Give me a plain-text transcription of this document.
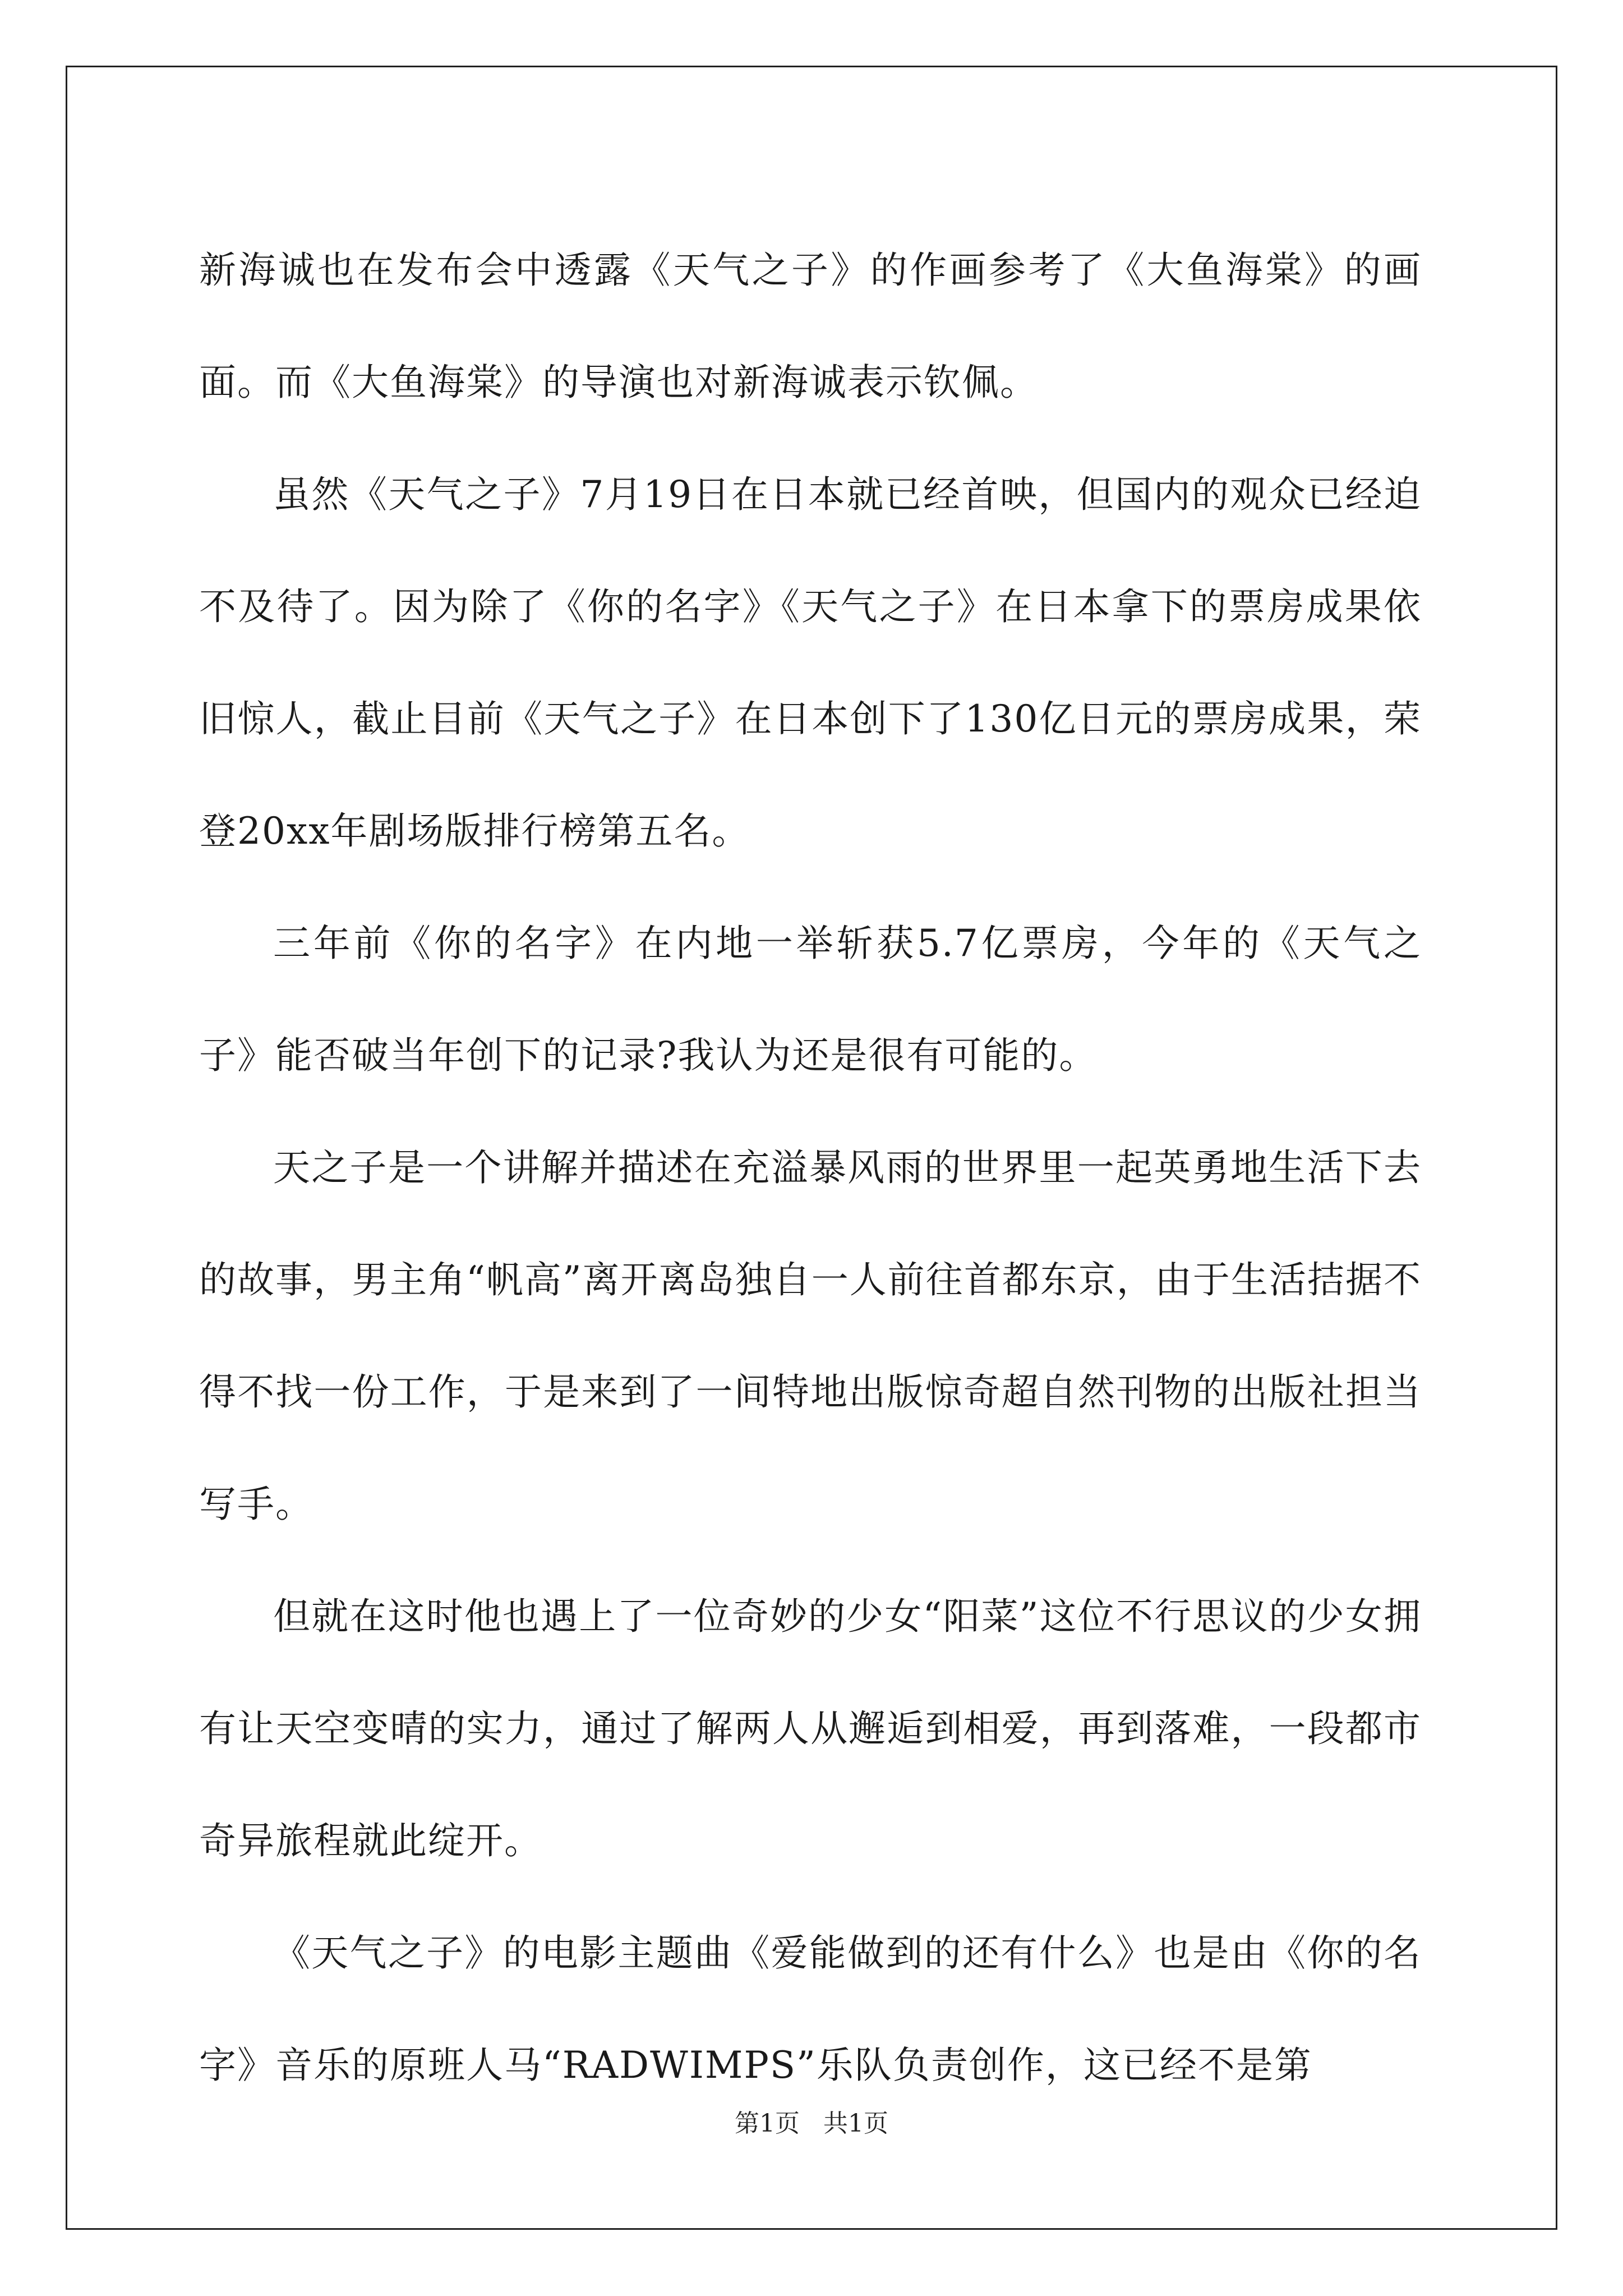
新海诚也在发布会中透露《天气之子》的作画参考了《大鱼海棠》的画面。而《大鱼海棠》的导演也对新海诚表示钦佩。

虽然《天气之子》7月19日在日本就已经首映，但国内的观众已经迫不及待了。因为除了《你的名字》《天气之子》在日本拿下的票房成果依旧惊人，截止目前《天气之子》在日本创下了130亿日元的票房成果，荣登20xx年剧场版排行榜第五名。

三年前《你的名字》在内地一举斩获5.7亿票房，今年的《天气之子》能否破当年创下的记录?我认为还是很有可能的。

天之子是一个讲解并描述在充溢暴风雨的世界里一起英勇地生活下去的故事，男主角“帆高”离开离岛独自一人前往首都东京，由于生活拮据不得不找一份工作，于是来到了一间特地出版惊奇超自然刊物的出版社担当写手。

但就在这时他也遇上了一位奇妙的少女“阳菜”这位不行思议的少女拥有让天空变晴的实力，通过了解两人从邂逅到相爱，再到落难，一段都市奇异旅程就此绽开。

《天气之子》的电影主题曲《爱能做到的还有什么》也是由《你的名字》音乐的原班人马“RADWIMPS”乐队负责创作，这已经不是第

第1页 共1页
